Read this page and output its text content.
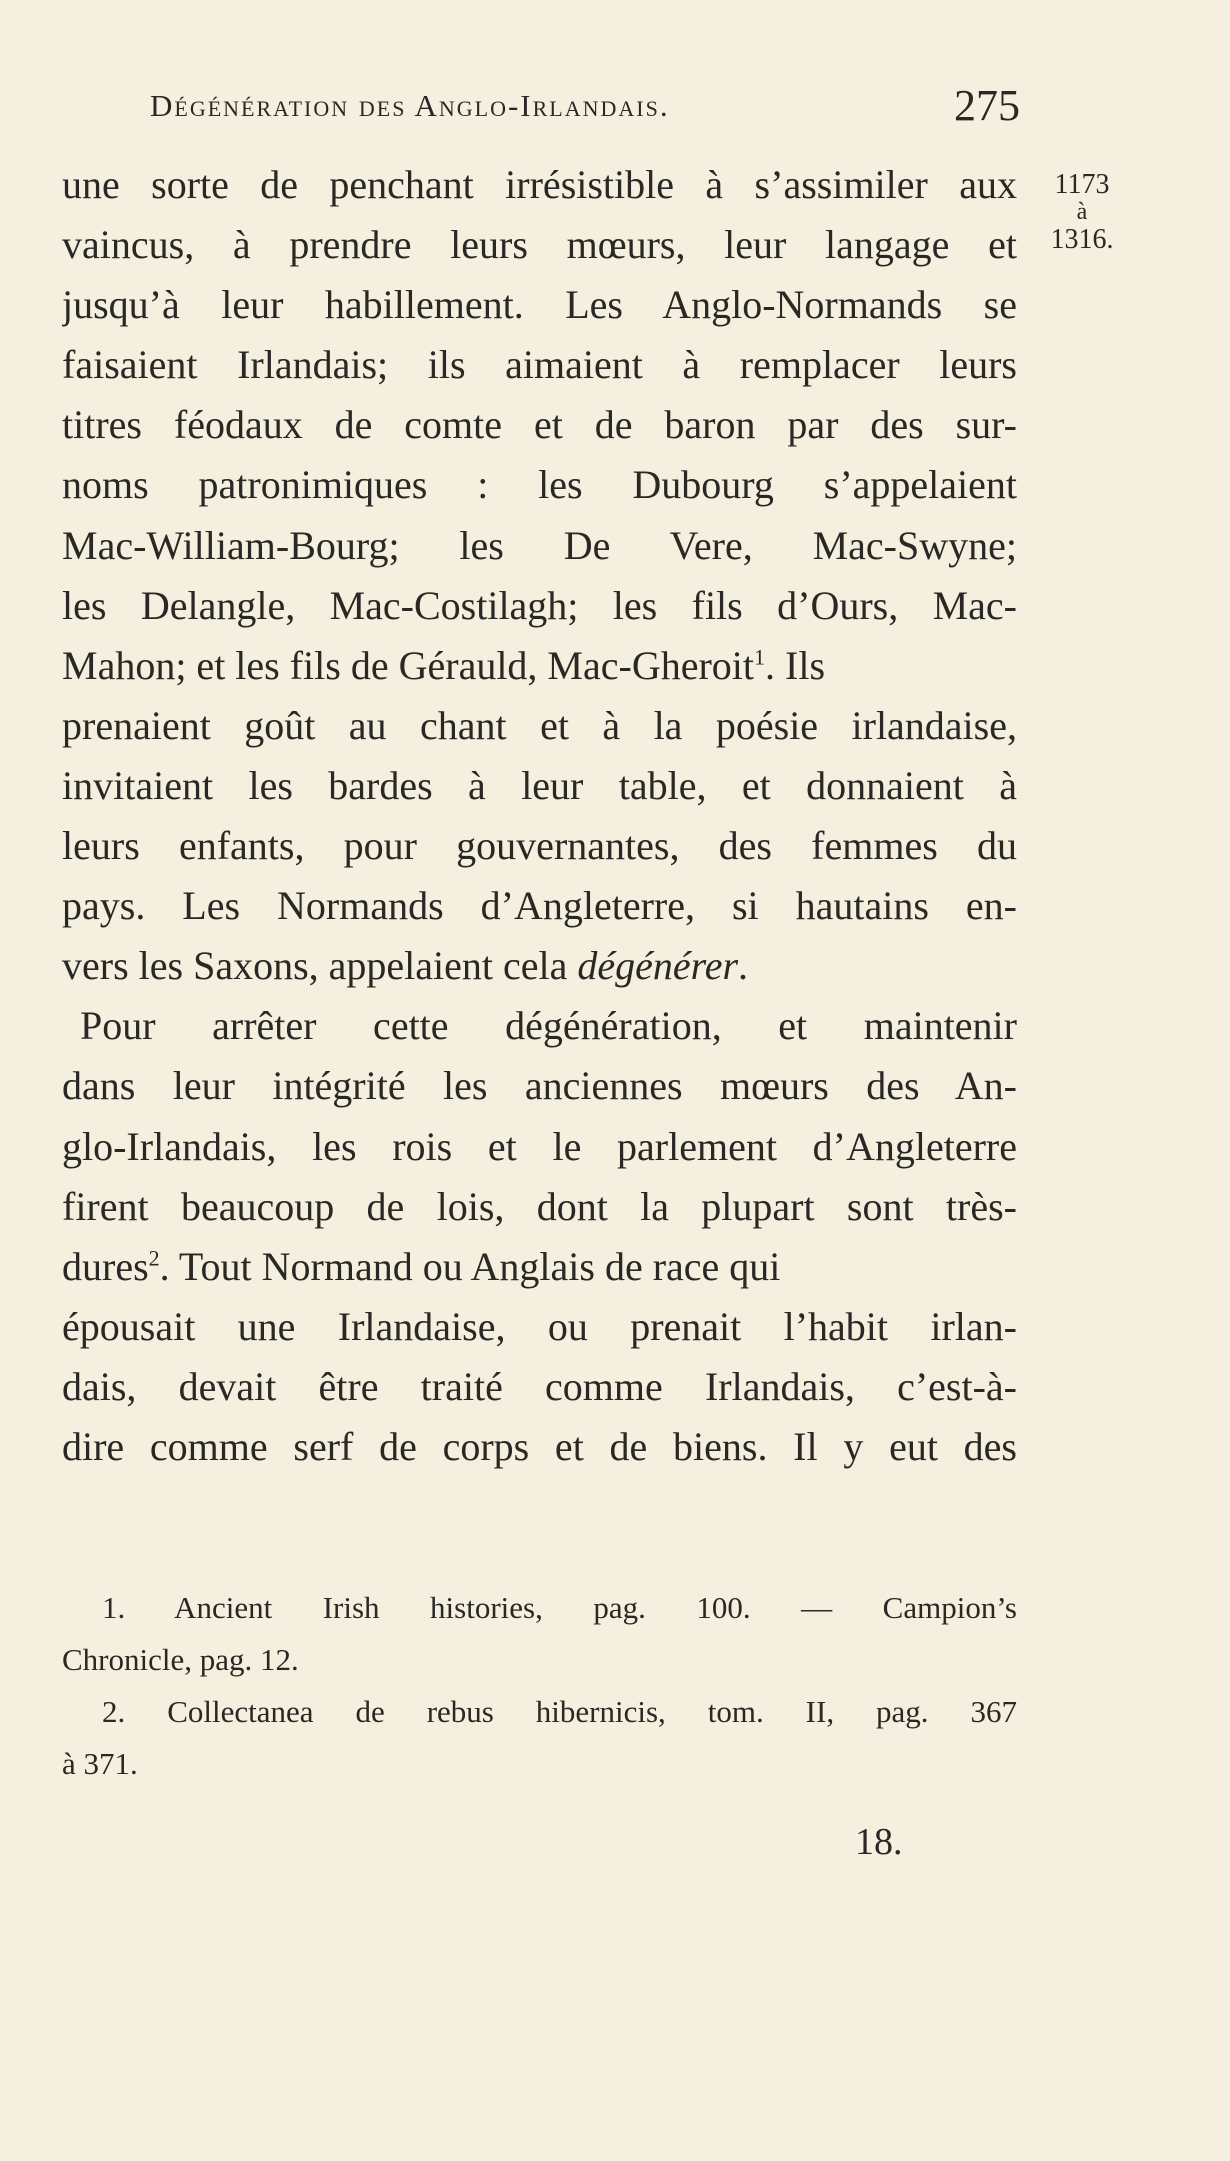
Dégénération des Anglo-Irlandais.	275
1173
à
1316.
une sorte de penchant irrésistible à s’assimiler aux
vaincus, à prendre leurs mœurs, leur langage et
jusqu’à leur habillement. Les Anglo-Normands se
faisaient Irlandais; ils aimaient à remplacer leurs
titres féodaux de comte et de baron par des sur-
noms patronimiques : les Dubourg s’appelaient
Mac-William-Bourg; les De Vere, Mac-Swyne;
les Delangle, Mac-Costilagh; les fils d’Ours, Mac-
Mahon; et les fils de Gérauld, Mac-Gheroit$^1$. Ils
prenaient goût au chant et à la poésie irlandaise,
invitaient les bardes à leur table, et donnaient à
leurs enfants, pour gouvernantes, des femmes du
pays. Les Normands d’Angleterre, si hautains en-
vers les Saxons, appelaient cela dégénérer.
Pour arrêter cette dégénération, et maintenir
dans leur intégrité les anciennes mœurs des An-
glo-Irlandais, les rois et le parlement d’Angleterre
firent beaucoup de lois, dont la plupart sont très-
dures$^2$. Tout Normand ou Anglais de race qui
épousait une Irlandaise, ou prenait l’habit irlan-
dais, devait être traité comme Irlandais, c’est-à-
dire comme serf de corps et de biens. Il y eut des
1. Ancient Irish histories, pag. 100. — Campion’s
Chronicle, pag. 12.
2. Collectanea de rebus hibernicis, tom. II, pag. 367
à 371.
18.
